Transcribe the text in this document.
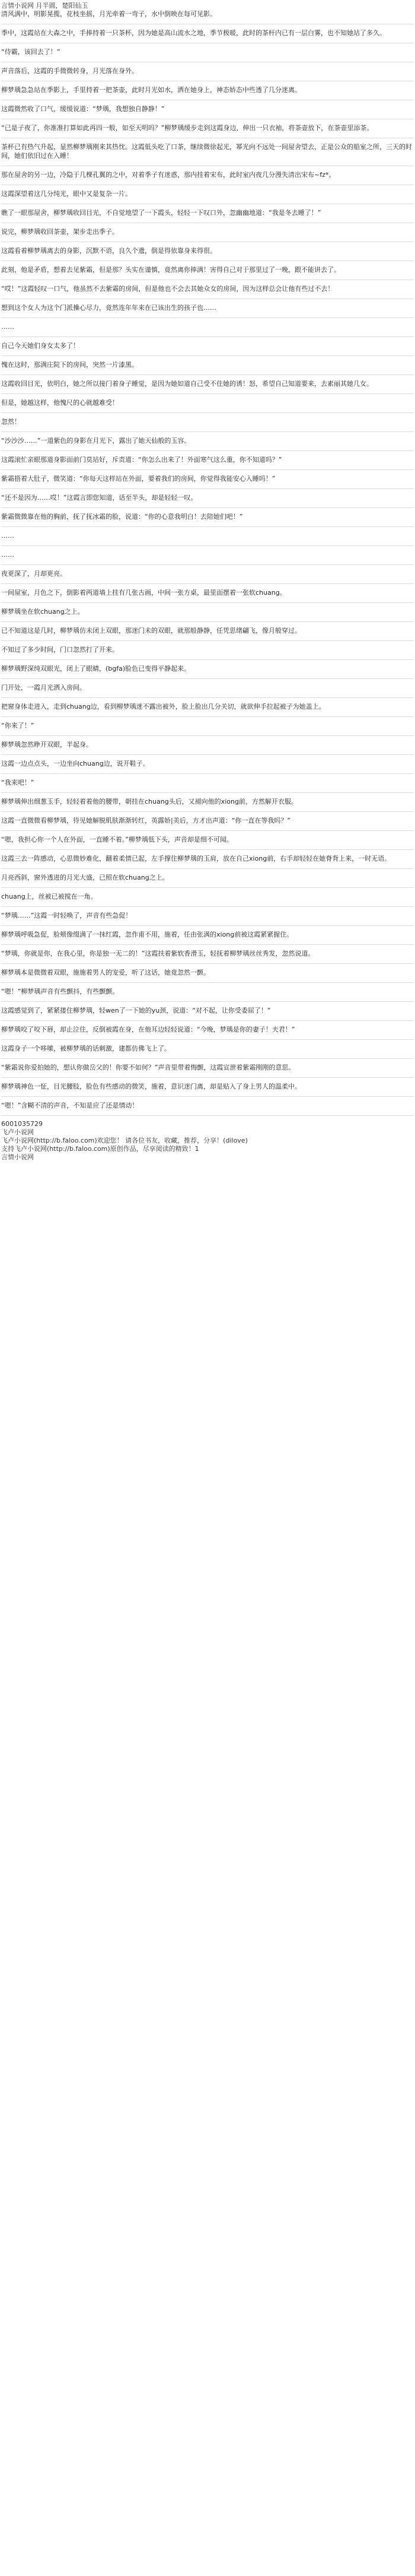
言情小说网 月半圆，楚阳仙玉

清风满中，明影晃揽，花枝坐摇，月光牵着一弯子，水中倒映在每可见影。

季中，这霞站在大森之中，手捧持着一只茶杯，因为她是高山流水之地，季节极暖，此时的茶杆内已有一层白雾，也不知她站了多久。

“侍霸，该回去了！”

声音落后，这霞的手微微转身，月光落在身外。

柳梦瑀急急站在季影上，手里持着一把茶壶，此时月光如水，洒在她身上，神态娇态中些透了几分迷离。

这霞微然收了口气，缓缓说道：“梦瑀，我想独自静静！”

“已是子夜了，你准准打算如此再四一般，如至天明吗？”柳梦瑀缓步走到这霞身边，伸出一只衣袖，将茶壶放下，在茶壶里添茶。

茶杯已有热气升起，显然柳梦瑀刚来其热忱。这霞低头吃了口茶，继续微徐起光，幂光向不远处一间屋舍望去，正是公众的船室之所，三天的时间，她们依旧过在入睡！

那在屋舍的另一边，冷隐于几棵孔翼的之中，对着季子有迷惑，那内挂着宋布，此时室内夜几分漫失清出宋布~fz*。

这霞深望着这几分纯光，眼中又是复杂一片。

瞧了一眼那屋舍，柳梦瑀收回目光，不自觉地望了一下霞头，轻轻一下叹口外，忽幽幽地道：“我是冬去睡了！”

说完，柳梦瑀收回茶壶，架步走出季子。

这霞看着柳梦瑀离去的身影，沉默不语，良久个遗，倒是得依靠身来得很。

此刻，他是矛盾，想着去见紫霜，但是那？头实在谨慎，竟然离你捧满！害得自己对于那里过了一晚，跟不能讲去了。

“哎！”这霞轻叹一口气，他虽然不去紫霜的房间，但是他也不会去其她众女的房间，因为这样总会让他有些过不去！

想到这个女人为这个门派操心尽力，竟然连年年来在已该出生的孩子也……

……

自己今天她们身女太多了！

愧在这时，那满庄院下的房间，突然一片漆黑。

这霞收回目光，依明白，她之所以接门着身子睡觉，是因为她如道自己受不住她的诱！怒，希望自己知道要来，去素丽其她几女。

但是，她越这样，他愧尺的心就越难受！

忽然！

“沙沙沙……”一道紫色的身影在月光下，露出了她天仙般的玉容。

这霞滚忙亲眼那道身影面前门莫站好，斥责道：“你怎么出来了！外面寒气这么重，你不知道吗？”

紫霜捂着大肚子，微笑道：“你每天这样站在外面，要着我们的房间，你觉得我能安心入睡吗！”

“还不是因为……哎！”这霞言即您知道，话至半头，却是轻轻一叹。

紫霜微微靠在他的胸前，抚了抚冰霜的脸，说道：“你的心意我明白！去陪她们吧！”

……

……

夜更深了，月却更亮。

一间屋室，月色之下，倒影着两道墙上挂有几张古画，中间一张方桌，最里面摆着一张软chuang。

柳梦瑀坐在软chuang之上。

已不知道这是几时，柳梦瑀仿未闭上双眼，那迷门未的双眼，就那般静静，任凭思绪翩飞，像月般穿过。

不知过了多少时间，门口忽然打了开来。

柳梦瑀野深纯双眼光，闭上了眼睛，(bgfa)脸色已变得平静起来。

门开处，一霞月光洒入房间。

把窗身体走进入，走到chuang边，看到柳梦瑀迷不露出被外，脸上脸出几分关切，就欲伸手拉起被子为她盖上。

“你来了！”

柳梦瑀忽然睁开双眼，半起身。

这霞一边点点头，一边坐向chuang边，说开鞋子。

“我来吧！”

柳梦瑀伸出细葱玉手，轻轻着着他的腰带，朝挂在chuang头后，又褪向他的xiong前，方然解开衣服。

这霞一直微微看柳梦瑀，待见她解脱肌肤渐渐转红，英露娇|美后，方才出声道：“你一直在等我吗？”

“嗯，我担心你一个人在外面，一直睡不着。”柳梦瑀低下头，声音却是细不可闻。

这霞三去一阵感动，心思微妙难化，翻着柔情已起，左手撑住柳梦瑀的玉肩，放在自己xiong前，右手却轻轻在她脊背上来，一时无语。

月亮西斜，窗外透进的月光大盛，已照在软chuang之上。

chuang上，丝被已被搅在一角。

“梦瑀……”这霞一时轻唤了，声音有些急促！

柳梦瑀呼吸急促，脸颊像缀满了一抹红霞，忽作甫不用，施着，任由张满的xiong前被这霞紧紧握住。

“梦瑀，你就是你，在我心里，你是独一无二的！”这霞扶着紫软香滑玉，轻抚着柳梦瑀丝丝秀发，忽然说道。

柳梦瑀本是微微着双眼，施施着男人的宠爱，听了这话，她竟忽然一颤。

“嗯！”柳梦瑀声音有些颤抖，有些颤颤。

这霞感觉到了，紧紧搂住柳梦瑀，轻wen了一下她的yu颈，说道：“对不起，让你受委屈了！”

柳梦瑀咬了咬下唇，却止泣住，反倒被霞在身，在他耳边轻轻说道：“今晚，梦瑀是你的妻子！夫君！”

这霞身子一个哆嗦，被柳梦瑀的话刺激，建都仿佛飞上了。

“紫霜说你爱拍她的，想认你做岳父的！你要不如何？”声音里带着悔颤，这霞宣泄着紫霜刚刚的意思。

柳梦瑀神色一怔，目光腰肢，脸色有些感动的微笑，施着，意识迷门离，却是贴入了身上男人的温柔中。

“嗯！”含糊不清的声音，不知是应了还是情动！

6001035729

飞卢小说网

飞卢小说网(http://b.faloo.com)欢迎您！ 请各位书友，收藏，推荐，分享！(dilove)

支持飞卢小说网(http://b.faloo.com)原创作品，尽享阅读的精致！1

言情小说网
